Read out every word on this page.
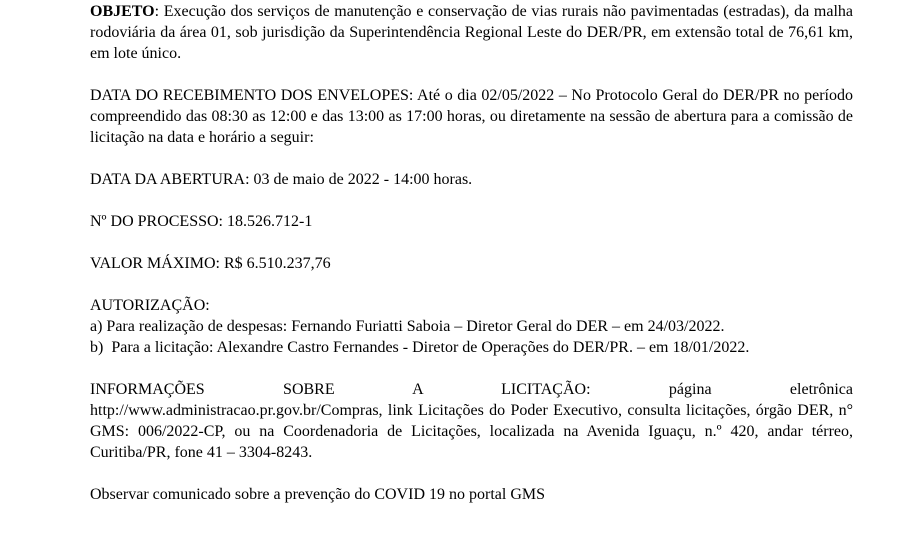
OBJETO: Execução dos serviços de manutenção e conservação de vias rurais não pavimentadas (estradas), da malha rodoviária da área 01, sob jurisdição da Superintendência Regional Leste do DER/PR, em extensão total de 76,61 km, em lote único.

DATA DO RECEBIMENTO DOS ENVELOPES: Até o dia 02/05/2022 – No Protocolo Geral do DER/PR no período compreendido das 08:30 as 12:00 e das 13:00 as 17:00 horas, ou diretamente na sessão de abertura para a comissão de licitação na data e horário a seguir:

DATA DA ABERTURA: 03 de maio de 2022 - 14:00 horas.

Nº DO PROCESSO: 18.526.712-1

VALOR MÁXIMO: R$ 6.510.237,76

AUTORIZAÇÃO:
a) Para realização de despesas: Fernando Furiatti Saboia – Diretor Geral do DER – em 24/03/2022.
b)  Para a licitação: Alexandre Castro Fernandes - Diretor de Operações do DER/PR. – em 18/01/2022.
INFORMAÇÕES SOBRE A LICITAÇÃO: página eletrônica
http://www.administracao.pr.gov.br/Compras, link Licitações do Poder Executivo, consulta licitações, órgão DER, n° GMS: 006/2022-CP, ou na Coordenadoria de Licitações, localizada na Avenida Iguaçu, n.º 420, andar térreo, Curitiba/PR, fone 41 – 3304-8243.

Observar comunicado sobre a prevenção do COVID 19 no portal GMS
